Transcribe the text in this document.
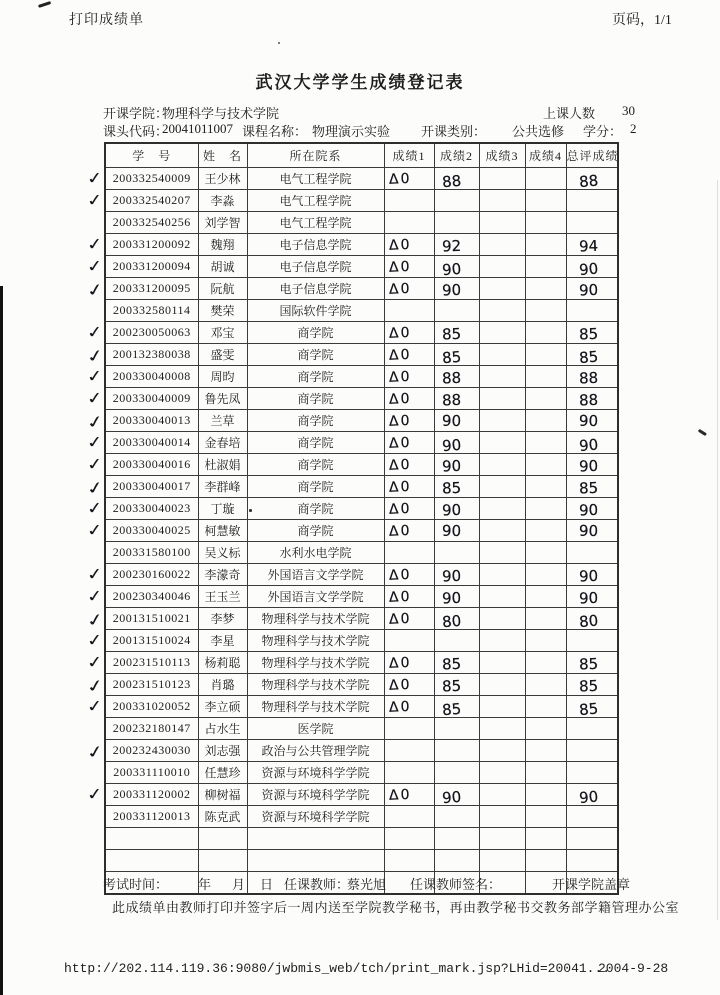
打印成绩单	页码，1/1
武汉大学学生成绩登记表
开课学院：
物理科学与技术学院	上课人数 30
课头代码：
20041011007 课程名称： 物理演示实验 开课类别： 公共选修 学分： 2
学　号	姓　名	所在院系	成绩1	成绩2	成绩3	成绩4	总评成绩

✓ 200332540009	王少林	电气工程学院	Δ0	88			88

✓ 200332540207	李淼	电气工程学院					
200332540256	刘学智	电气工程学院					

✓ 200331200092	魏翔	电子信息学院	Δ0	92			94

✓ 200331200094	胡诚	电子信息学院	Δ0	90			90

✓ 200331200095	阮航	电子信息学院	Δ0	90			90

200332580114	樊荣	国际软件学院					

✓ 200230050063	邓宝	商学院	Δ0	85			85

✓ 200132380038	盛雯	商学院	Δ0	85			85

✓ 200330040008	周昀	商学院	Δ0	88			88

✓ 200330040009	鲁先凤	商学院	Δ0	88			88

✓ 200330040013	兰草	商学院	Δ0	90			90

✓ 200330040014	金春培	商学院	Δ0	90			90

✓ 200330040016	杜淑娟	商学院	Δ0	90			90

✓ 200330040017	李群峰	商学院	Δ0	85			85

✓ 200330040023	丁璇	商学院	Δ0	90			90

✓ 200330040025	柯慧敏	商学院	Δ0	90			90

200331580100	吴义标	水利水电学院					

✓ 200230160022	李濛奇	外国语言文学学院	Δ0	90			90

✓ 200230340046	王玉兰	外国语言文学学院	Δ0	90			90

✓ 200131510021	李梦	物理科学与技术学院	Δ0	80			80

✓ 200131510024	李星	物理科学与技术学院					

✓ 200231510113	杨莉聪	物理科学与技术学院	Δ0	85			85

✓ 200231510123	肖璐	物理科学与技术学院	Δ0	85			85

✓ 200331020052	李立硕	物理科学与技术学院	Δ0	85			85

200232180147	占水生	医学院					

✓ 200232430030	刘志强	政治与公共管理学院					
200331110010	任慧珍	资源与环境科学学院					

✓ 200331120002	柳树福	资源与环境科学学院	Δ0	90			90

200331120013	陈克武	资源与环境科学学院					

考试时间： 年 月 日 任课教师：
蔡光旭 任课教师签名：	开课学院盖章
此成绩单由教师打印并签字后一周内送至学院教学秘书，再由教学秘书交教务部学籍管理办公室
http://202.114.119.36:9080/jwbmis_web/tch/print_mark.jsp?LHid=20041...
2004-9-28
